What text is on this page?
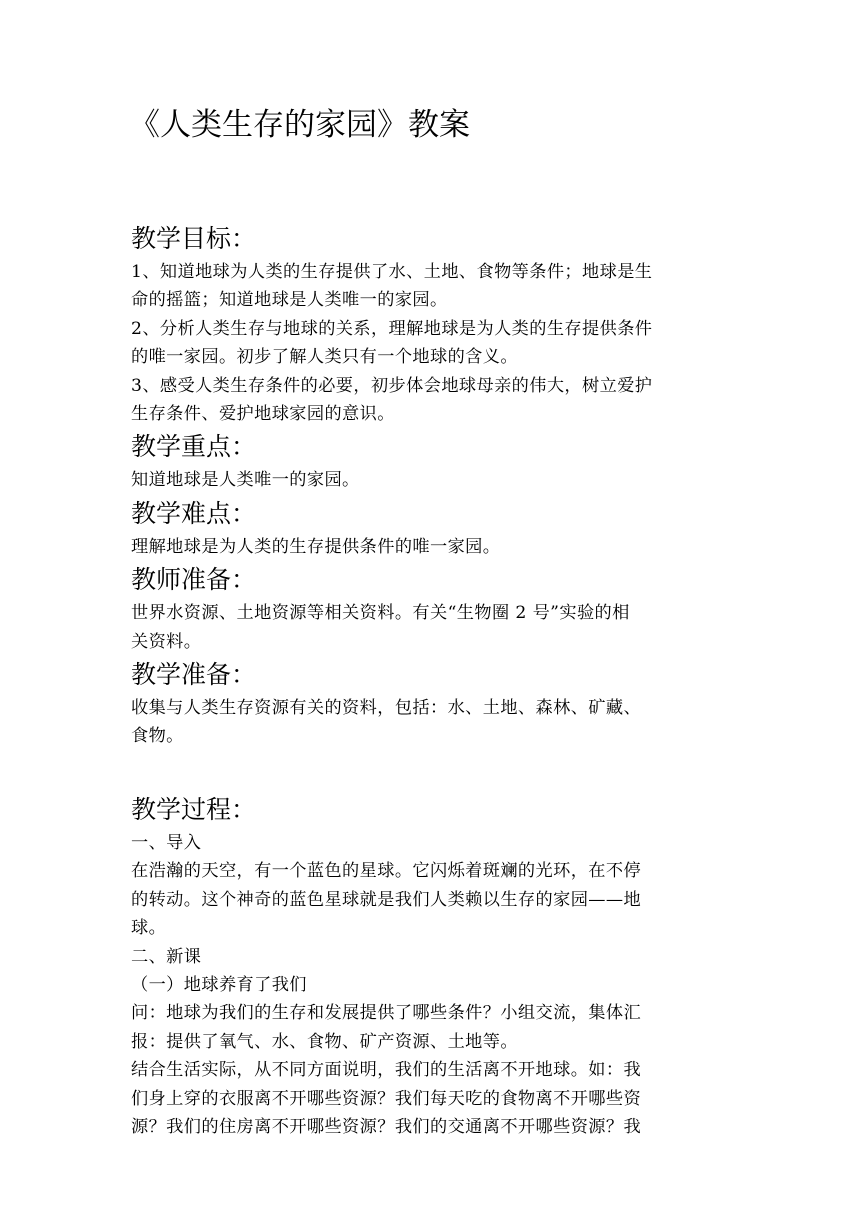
《人类生存的家园》教案
教学目标：

1、知道地球为人类的生存提供了水、土地、食物等条件；地球是生

命的摇篮；知道地球是人类唯一的家园。

2、分析人类生存与地球的关系，理解地球是为人类的生存提供条件

的唯一家园。初步了解人类只有一个地球的含义。

3、感受人类生存条件的必要，初步体会地球母亲的伟大，树立爱护

生存条件、爱护地球家园的意识。

教学重点：

知道地球是人类唯一的家园。

教学难点：

理解地球是为人类的生存提供条件的唯一家园。

教师准备：

世界水资源、土地资源等相关资料。有关“生物圈 2 号”实验的相

关资料。

教学准备：

收集与人类生存资源有关的资料，包括：水、土地、森林、矿藏、

食物。

教学过程：

一、导入

在浩瀚的天空，有一个蓝色的星球。它闪烁着斑斓的光环，在不停

的转动。这个神奇的蓝色星球就是我们人类赖以生存的家园——地

球。

二、新课

（一）地球养育了我们

问：地球为我们的生存和发展提供了哪些条件？小组交流，集体汇

报：提供了氧气、水、食物、矿产资源、土地等。

结合生活实际，从不同方面说明，我们的生活离不开地球。如：我

们身上穿的衣服离不开哪些资源？我们每天吃的食物离不开哪些资

源？我们的住房离不开哪些资源？我们的交通离不开哪些资源？我
